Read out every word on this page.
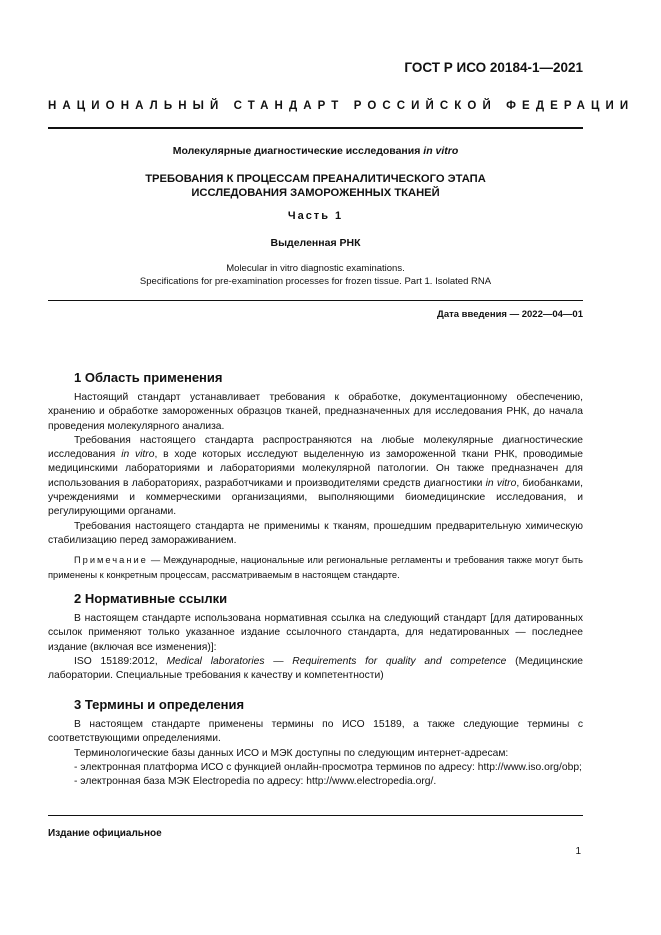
ГОСТ Р ИСО 20184-1—2021
НАЦИОНАЛЬНЫЙ СТАНДАРТ РОССИЙСКОЙ ФЕДЕРАЦИИ
Молекулярные диагностические исследования in vitro
ТРЕБОВАНИЯ К ПРОЦЕССАМ ПРЕАНАЛИТИЧЕСКОГО ЭТАПА
ИССЛЕДОВАНИЯ ЗАМОРОЖЕННЫХ ТКАНЕЙ
Часть 1
Выделенная РНК
Molecular in vitro diagnostic examinations.
Specifications for pre-examination processes for frozen tissue. Part 1. Isolated RNA
Дата введения — 2022—04—01
1 Область применения

Настоящий стандарт устанавливает требования к обработке, документационному обеспечению, хранению и обработке замороженных образцов тканей, предназначенных для исследования РНК, до начала проведения молекулярного анализа.

Требования настоящего стандарта распространяются на любые молекулярные диагностические исследования in vitro, в ходе которых исследуют выделенную из замороженной ткани РНК, проводимые медицинскими лабораториями и лабораториями молекулярной патологии. Он также предназначен для использования в лабораториях, разработчиками и производителями средств диагностики in vitro, биобанками, учреждениями и коммерческими организациями, выполняющими биомедицинские исследования, и регулирующими органами.

Требования настоящего стандарта не применимы к тканям, прошедшим предварительную химическую стабилизацию перед замораживанием.

Примечание — Международные, национальные или региональные регламенты и требования также могут быть применены к конкретным процессам, рассматриваемым в настоящем стандарте.

2 Нормативные ссылки

В настоящем стандарте использована нормативная ссылка на следующий стандарт [для датированных ссылок применяют только указанное издание ссылочного стандарта, для недатированных — последнее издание (включая все изменения)]:

ISO 15189:2012, Medical laboratories — Requirements for quality and competence (Медицинские лаборатории. Специальные требования к качеству и компетентности)

3 Термины и определения

В настоящем стандарте применены термины по ИСО 15189, а также следующие термины с соответствующими определениями.

Терминологические базы данных ИСО и МЭК доступны по следующим интернет-адресам:

- электронная платформа ИСО с функцией онлайн-просмотра терминов по адресу: http://www.iso.org/obp;

- электронная база МЭК Electropedia по адресу: http://www.electropedia.org/.

Издание официальное
1
